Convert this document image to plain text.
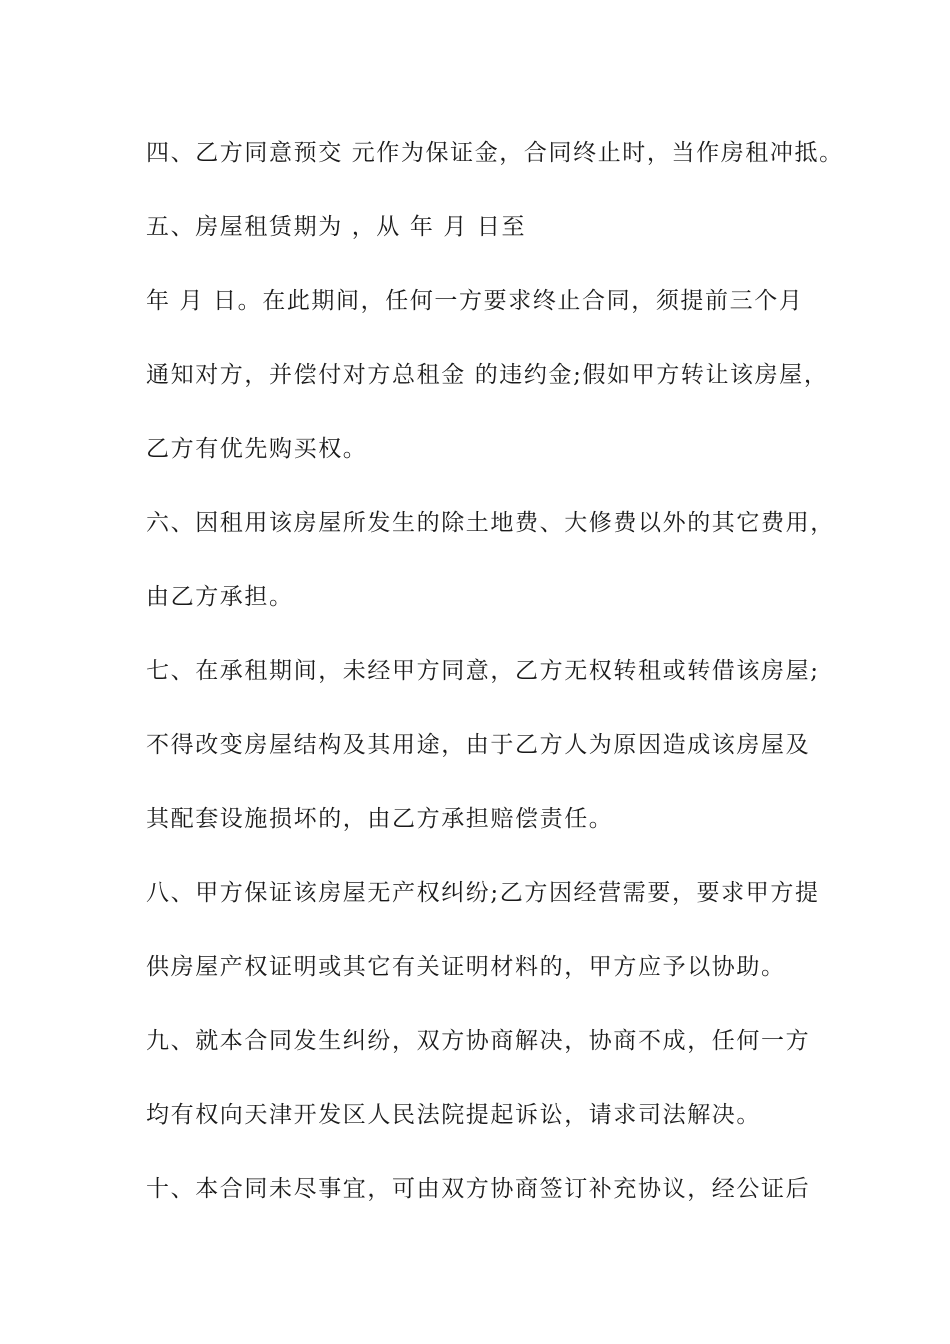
四、乙方同意预交 元作为保证金，合同终止时，当作房租冲抵。
五、房屋租赁期为 ，从 年 月 日至
年 月 日。在此期间，任何一方要求终止合同，须提前三个月
通知对方，并偿付对方总租金 的违约金;假如甲方转让该房屋，
乙方有优先购买权。
六、因租用该房屋所发生的除土地费、大修费以外的其它费用，
由乙方承担。
七、在承租期间，未经甲方同意，乙方无权转租或转借该房屋;
不得改变房屋结构及其用途，由于乙方人为原因造成该房屋及
其配套设施损坏的，由乙方承担赔偿责任。
八、甲方保证该房屋无产权纠纷;乙方因经营需要，要求甲方提
供房屋产权证明或其它有关证明材料的，甲方应予以协助。
九、就本合同发生纠纷，双方协商解决，协商不成，任何一方
均有权向天津开发区人民法院提起诉讼，请求司法解决。
十、本合同未尽事宜，可由双方协商签订补充协议，经公证后
